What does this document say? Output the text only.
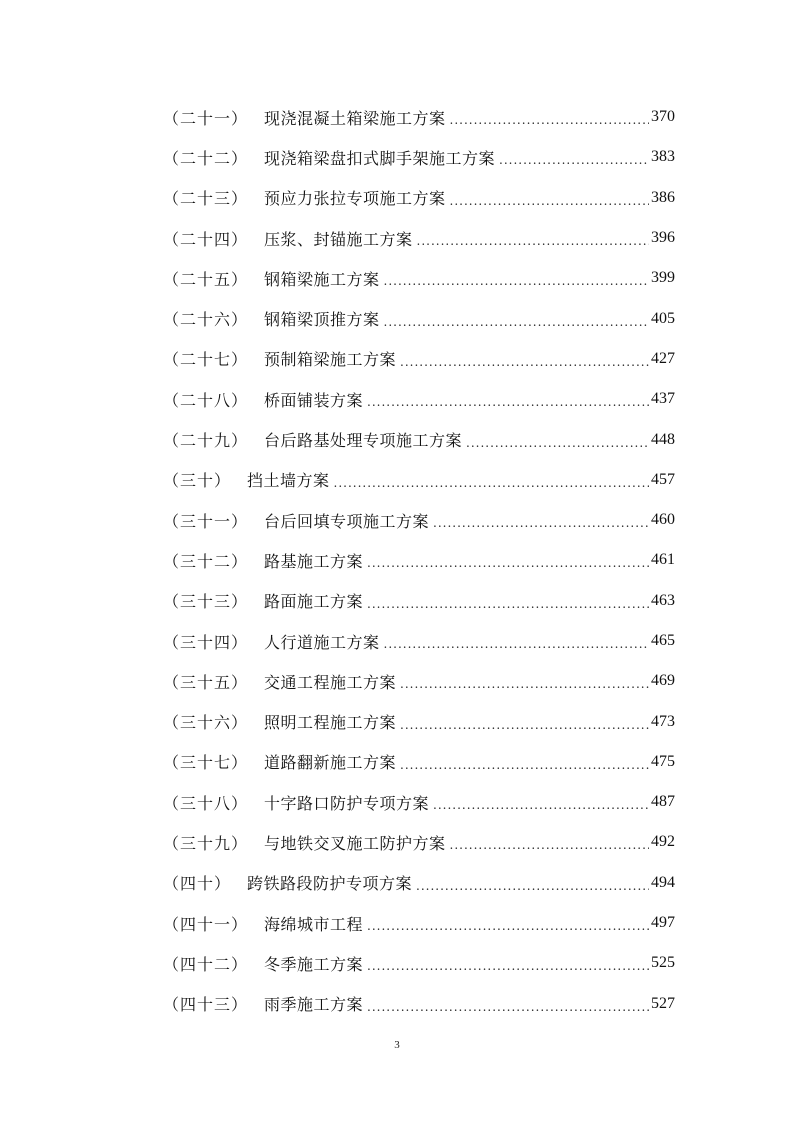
（二十一） 现浇混凝土箱梁施工方案 .....	370
（二十二） 现浇箱梁盘扣式脚手架施工方案 .....	383
（二十三） 预应力张拉专项施工方案 .....	386
（二十四） 压浆、封锚施工方案 .....	396
（二十五） 钢箱梁施工方案 .....	399
（二十六） 钢箱梁顶推方案 .....	405
（二十七） 预制箱梁施工方案 .....	427
（二十八） 桥面铺装方案 .....	437
（二十九） 台后路基处理专项施工方案 .....	448
（三十） 挡土墙方案 .....	457
（三十一） 台后回填专项施工方案 .....	460
（三十二） 路基施工方案 .....	461
（三十三） 路面施工方案 .....	463
（三十四） 人行道施工方案 .....	465
（三十五） 交通工程施工方案 .....	469
（三十六） 照明工程施工方案 .....	473
（三十七） 道路翻新施工方案 .....	475
（三十八） 十字路口防护专项方案 .....	487
（三十九） 与地铁交叉施工防护方案 .....	492
（四十） 跨铁路段防护专项方案 .....	494
（四十一） 海绵城市工程 .....	497
（四十二） 冬季施工方案 .....	525
（四十三） 雨季施工方案 .....	527
3
